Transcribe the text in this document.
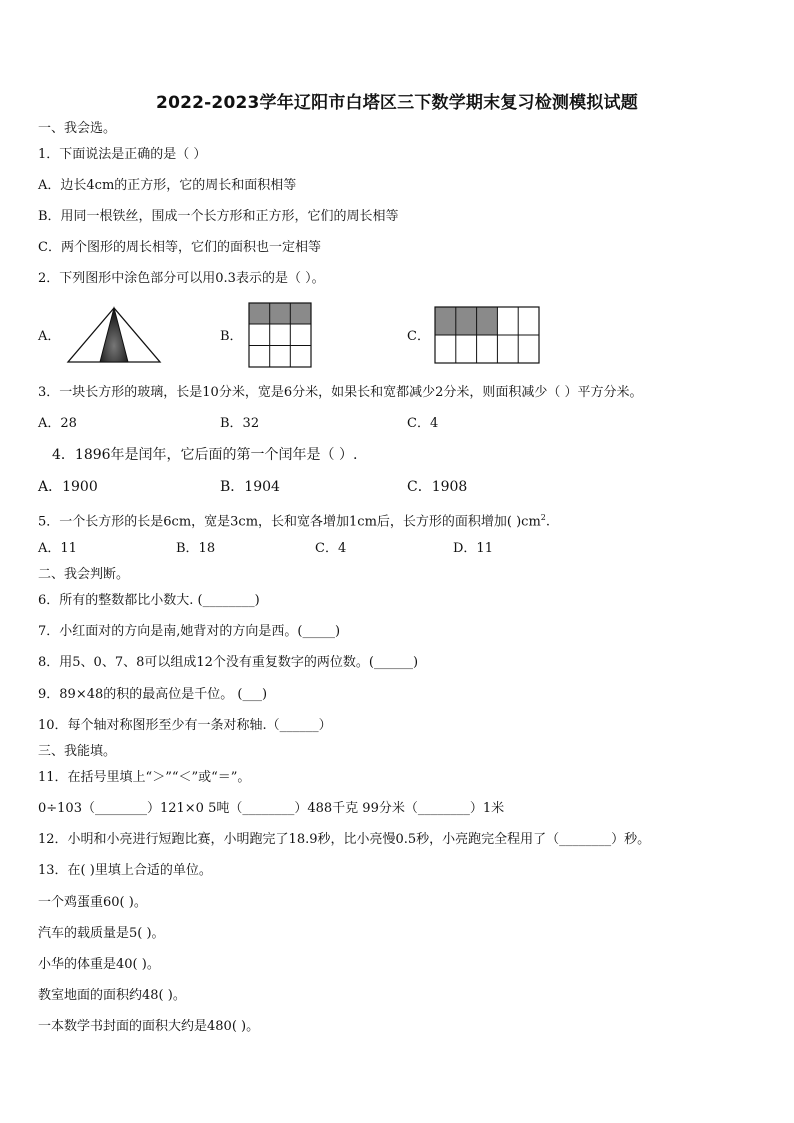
2022-2023学年辽阳市白塔区三下数学期末复习检测模拟试题
一、我会选。
1．下面说法是正确的是（ ）
A．边长4cm的正方形，它的周长和面积相等
B．用同一根铁丝，围成一个长方形和正方形，它们的周长相等
C．两个图形的周长相等，它们的面积也一定相等
2．下列图形中涂色部分可以用0.3表示的是（ ）。
A．	B．	C．
3．一块长方形的玻璃，长是10分米，宽是6分米，如果长和宽都减少2分米，则面积减少（ ）平方分米。
A．28	B．32	C．4
4．1896年是闰年，它后面的第一个闰年是（ ）.
A．1900	B．1904	C．1908
5．一个长方形的长是6cm，宽是3cm，长和宽各增加1cm后，长方形的面积增加( )$cm^2$.
A．11	B．18	C．4	D．11
二、我会判断。
6．所有的整数都比小数大. (________)
7．小红面对的方向是南,她背对的方向是西。(_____)
8．用5、0、7、8可以组成12个没有重复数字的两位数。(______)
9．89×48的积的最高位是千位。 (___)
10．每个轴对称图形至少有一条对称轴.（______）
三、我能填。
11．在括号里填上“＞”“＜”或“＝”。
0÷103（________）121×0 5吨（________）488千克 99分米（________）1米
12．小明和小亮进行短跑比赛，小明跑完了18.9秒，比小亮慢0.5秒，小亮跑完全程用了（________）秒。
13．在( )里填上合适的单位。
一个鸡蛋重60( )。
汽车的载质量是5( )。
小华的体重是40( )。
教室地面的面积约48( )。
一本数学书封面的面积大约是480( )。
